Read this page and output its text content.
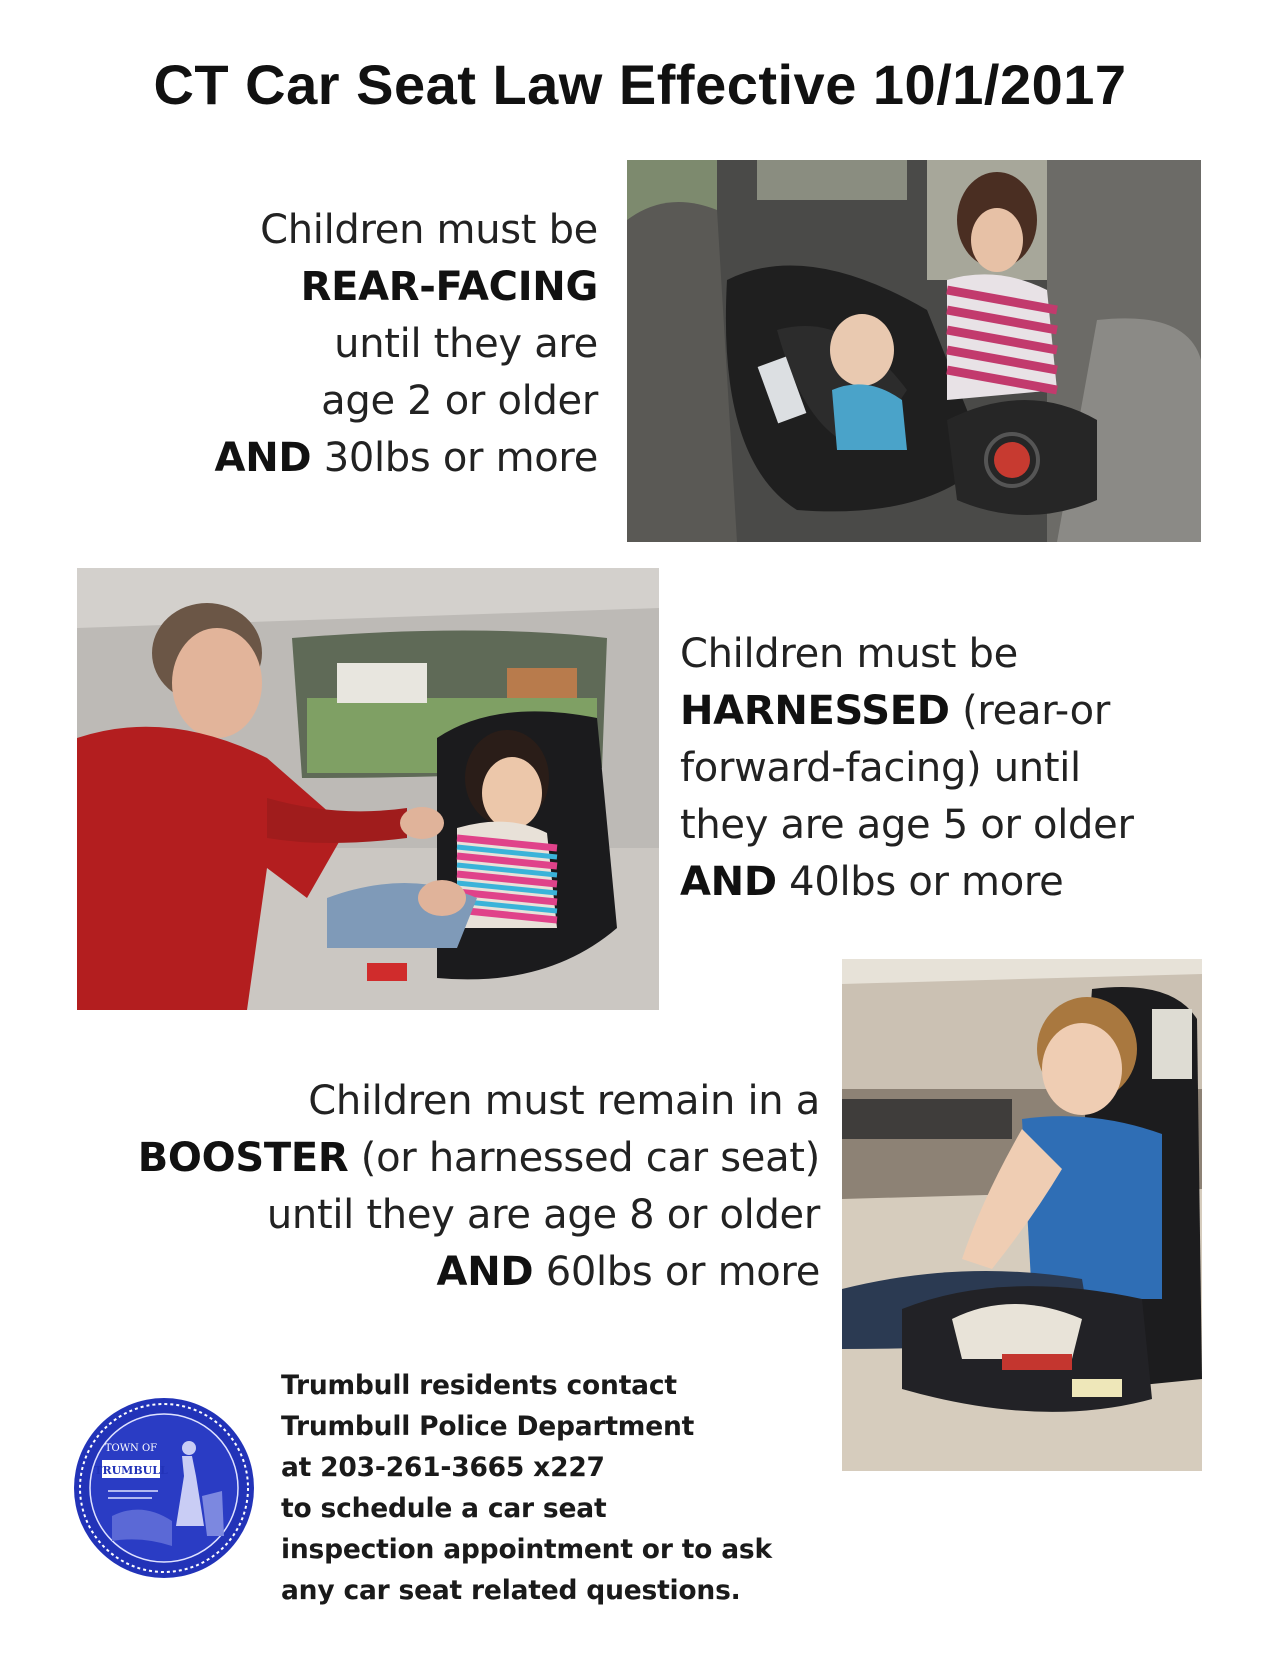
CT Car Seat Law Effective 10/1/2017
Children must be
REAR-FACING
until they are
age 2 or older
AND 30lbs or more
Children must be
HARNESSED (rear-or
forward-facing) until
they are age 5 or older
AND 40lbs or more
Children must remain in a
BOOSTER (or harnessed car seat)
until they are age 8 or older
AND 60lbs or more
TOWN OF
TRUMBULL
Trumbull residents contact
Trumbull Police Department
at 203-261-3665 x227
to schedule a car seat
inspection appointment or to ask
any car seat related questions.
